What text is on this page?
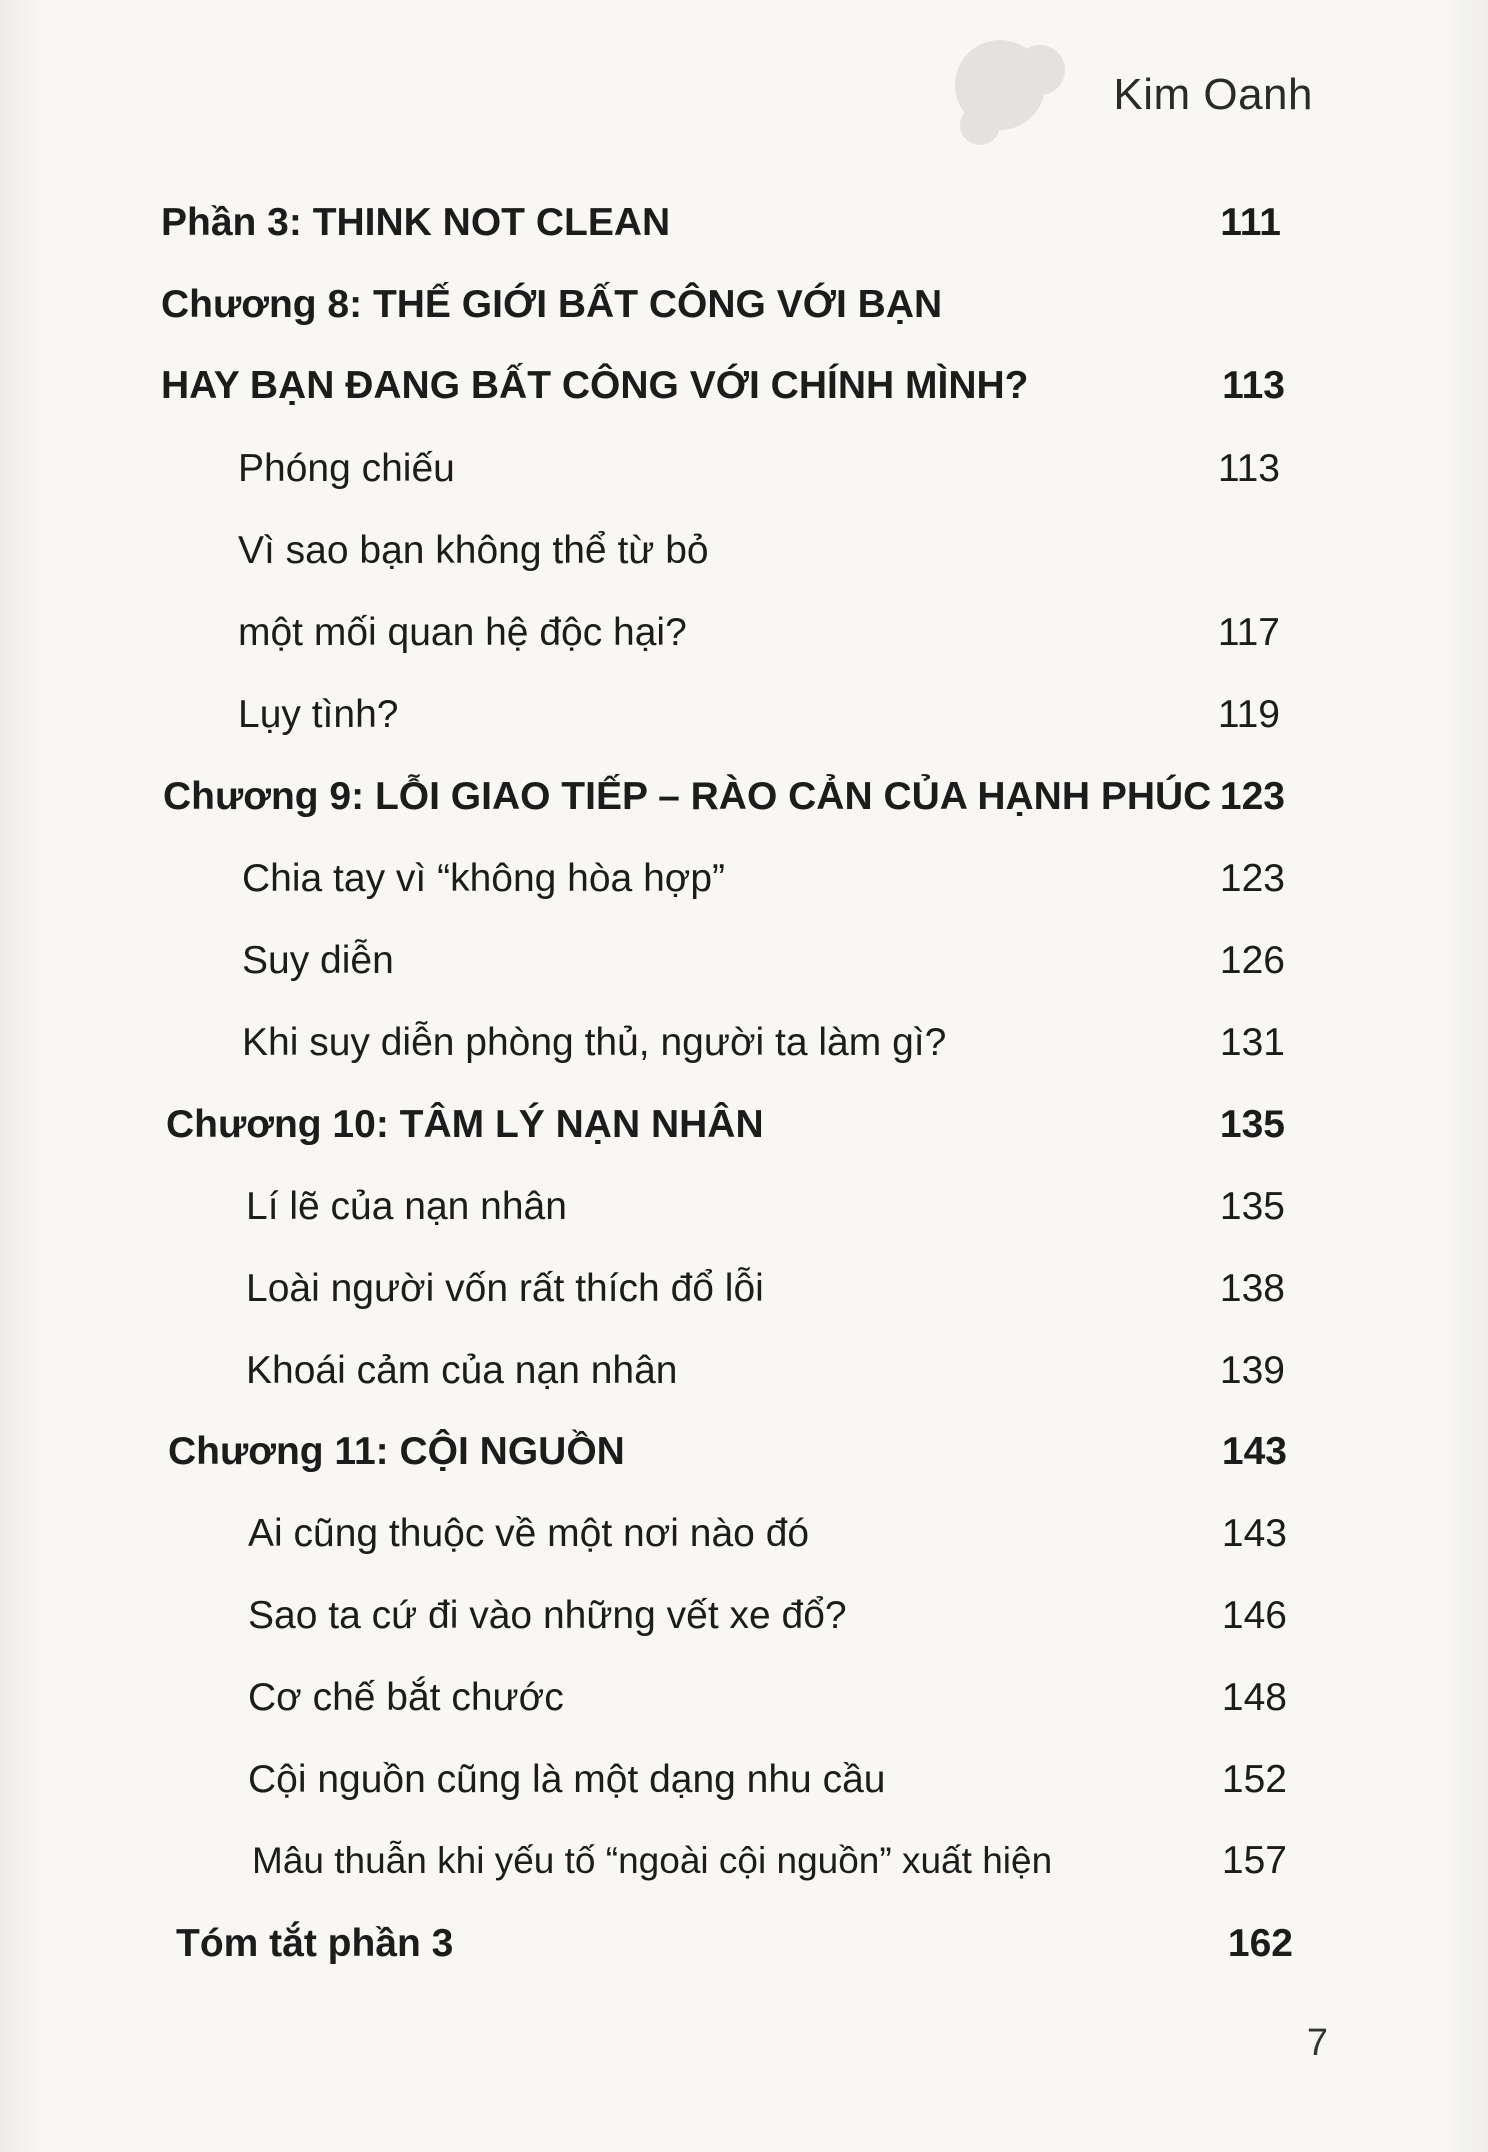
Kim Oanh
Phần 3: THINK NOT CLEAN	111
Chương 8: THẾ GIỚI BẤT CÔNG VỚI BẠN
HAY BẠN ĐANG BẤT CÔNG VỚI CHÍNH MÌNH?	113
Phóng chiếu	113
Vì sao bạn không thể từ bỏ
một mối quan hệ độc hại?	117
Lụy tình?	119
Chương 9: LỖI GIAO TIẾP – RÀO CẢN CỦA HẠNH PHÚC 123
Chia tay vì “không hòa hợp”	123
Suy diễn	126
Khi suy diễn phòng thủ, người ta làm gì?	131
Chương 10: TÂM LÝ NẠN NHÂN	135
Lí lẽ của nạn nhân	135
Loài người vốn rất thích đổ lỗi	138
Khoái cảm của nạn nhân	139
Chương 11: CỘI NGUỒN	143
Ai cũng thuộc về một nơi nào đó	143
Sao ta cứ đi vào những vết xe đổ?	146
Cơ chế bắt chước	148
Cội nguồn cũng là một dạng nhu cầu	152
Mâu thuẫn khi yếu tố “ngoài cội nguồn” xuất hiện	157
Tóm tắt phần 3	162
7
